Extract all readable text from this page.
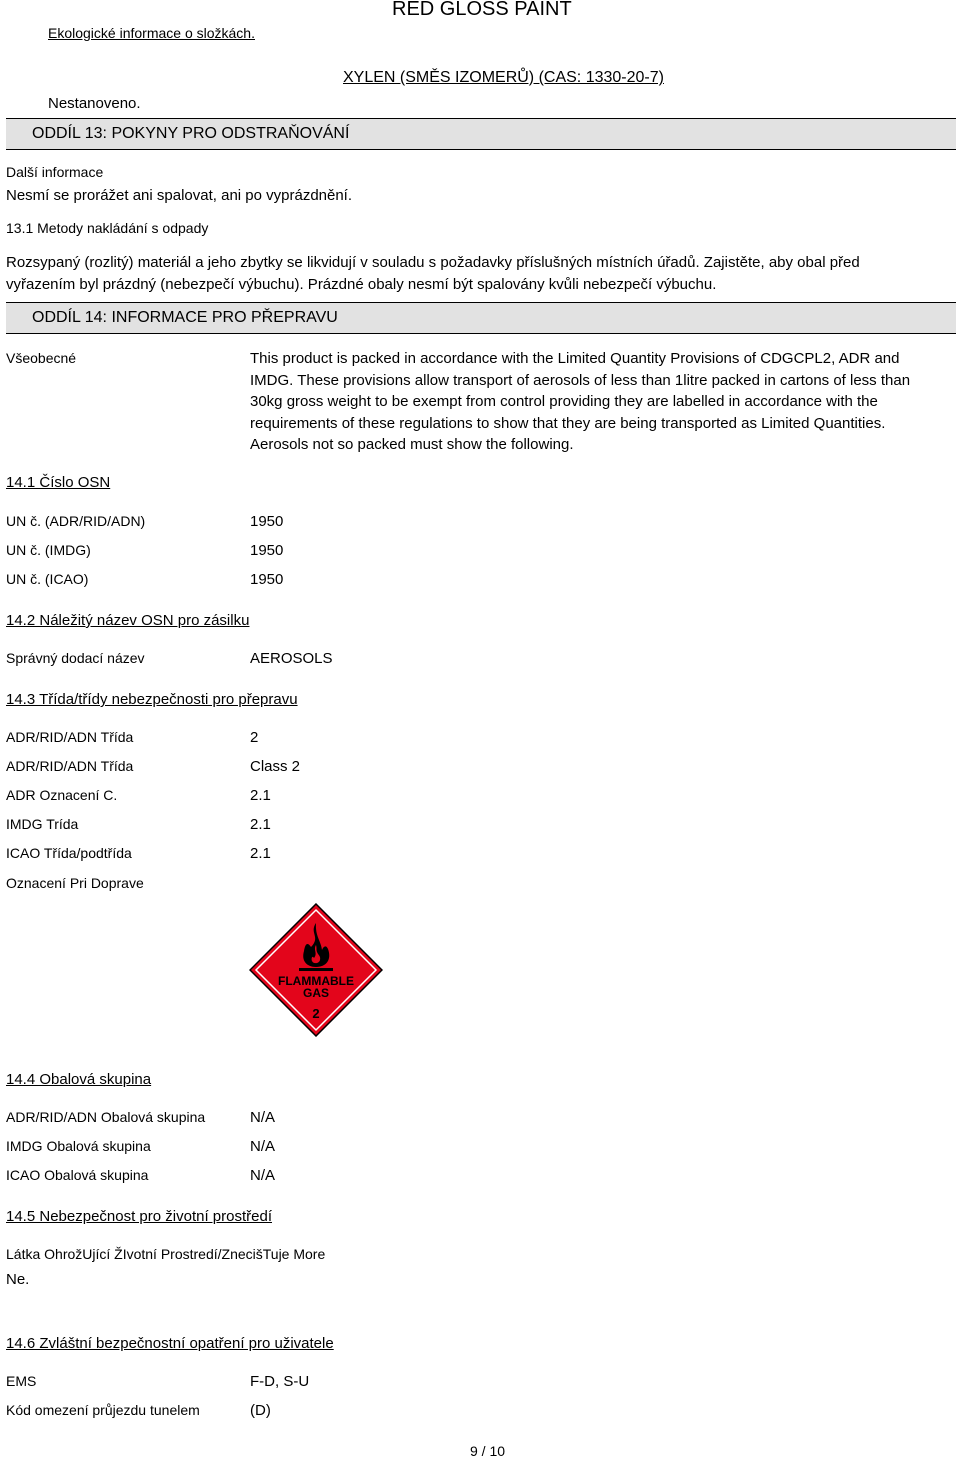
RED GLOSS PAINT
Ekologické informace o složkách.
XYLEN (SMĚS IZOMERŮ) (CAS: 1330-20-7)
Nestanoveno.
ODDÍL 13: POKYNY PRO ODSTRAŇOVÁNÍ
Další informace
Nesmí se prorážet ani spalovat, ani po vyprázdnění.
13.1 Metody nakládání s odpady
Rozsypaný (rozlitý) materiál a jeho zbytky se likvidují v souladu s požadavky příslušných místních úřadů. Zajistěte, aby obal před vyřazením byl prázdný (nebezpečí výbuchu). Prázdné obaly nesmí být spalovány kvůli nebezpečí výbuchu.
ODDÍL 14: INFORMACE PRO PŘEPRAVU
Všeobecné	This product is packed in accordance with the Limited Quantity Provisions of CDGCPL2, ADR and IMDG. These provisions allow transport of aerosols of less than 1litre packed in cartons of less than 30kg gross weight to be exempt from control providing they are labelled in accordance with the requirements of these regulations to show that they are being transported as Limited Quantities. Aerosols not so packed must show the following.
14.1 Číslo OSN
UN č. (ADR/RID/ADN)	1950
UN č. (IMDG)	1950
UN č. (ICAO)	1950
14.2 Náležitý název OSN pro zásilku
Správný dodací název	AEROSOLS
14.3 Třída/třídy nebezpečnosti pro přepravu
ADR/RID/ADN Třída	2
ADR/RID/ADN Třída	Class 2
ADR Oznacení C.	2.1
IMDG Trída	2.1
ICAO Třída/podtřída	2.1
Oznacení Pri Doprave
FLAMMABLE
GAS
2
14.4 Obalová skupina
ADR/RID/ADN Obalová skupina	N/A
IMDG Obalová skupina	N/A
ICAO Obalová skupina	N/A
14.5 Nebezpečnost pro životní prostředí
Látka OhrožUjící ŽIvotní Prostredí/ZnecišTuje More
Ne.
14.6 Zvláštní bezpečnostní opatření pro uživatele
EMS	F-D, S-U
Kód omezení průjezdu tunelem	(D)
9 / 10
